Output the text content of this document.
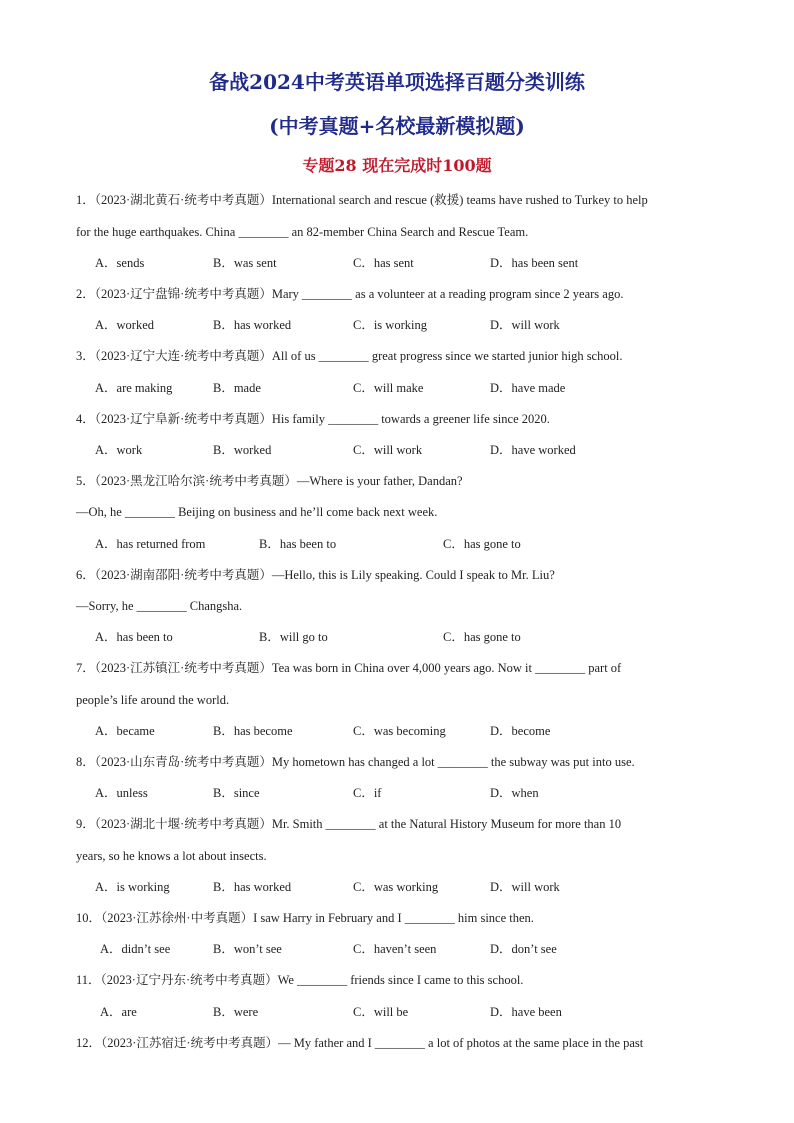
备战2024中考英语单项选择百题分类训练
(中考真题+名校最新模拟题)
专题28 现在完成时100题
1．（2023·湖北黄石·统考中考真题）International search and rescue (救援) teams have rushed to Turkey to help
for the huge earthquakes. China ________ an 82-member China Search and Rescue Team.
A．sends	B．was sent	C．has sent	D．has been sent
2．（2023·辽宁盘锦·统考中考真题）Mary ________ as a volunteer at a reading program since 2 years ago.
A．worked	B．has worked	C．is working	D．will work
3．（2023·辽宁大连·统考中考真题）All of us ________ great progress since we started junior high school.
A．are making	B．made	C．will make	D．have made
4．（2023·辽宁阜新·统考中考真题）His family ________ towards a greener life since 2020.
A．work	B．worked	C．will work	D．have worked
5．（2023·黑龙江哈尔滨·统考中考真题）—Where is your father, Dandan?
—Oh, he ________ Beijing on business and he’ll come back next week.
A．has returned from	B．has been to	C．has gone to
6．（2023·湖南邵阳·统考中考真题）—Hello, this is Lily speaking. Could I speak to Mr. Liu?
—Sorry, he ________ Changsha.
A．has been to	B．will go to	C．has gone to
7．（2023·江苏镇江·统考中考真题）Tea was born in China over 4,000 years ago. Now it ________ part of
people’s life around the world.
A．became	B．has become	C．was becoming	D．become
8．（2023·山东青岛·统考中考真题）My hometown has changed a lot ________ the subway was put into use.
A．unless	B．since	C．if	D．when
9．（2023·湖北十堰·统考中考真题）Mr. Smith ________ at the Natural History Museum for more than 10
years, so he knows a lot about insects.
A．is working	B．has worked	C．was working	D．will work
10．（2023·江苏徐州·中考真题）I saw Harry in February and I ________ him since then.
A．didn’t see	B．won’t see	C．haven’t seen	D．don’t see
11．（2023·辽宁丹东·统考中考真题）We ________ friends since I came to this school.
A．are	B．were	C．will be	D．have been
12．（2023·江苏宿迁·统考中考真题）— My father and I ________ a lot of photos at the same place in the past
